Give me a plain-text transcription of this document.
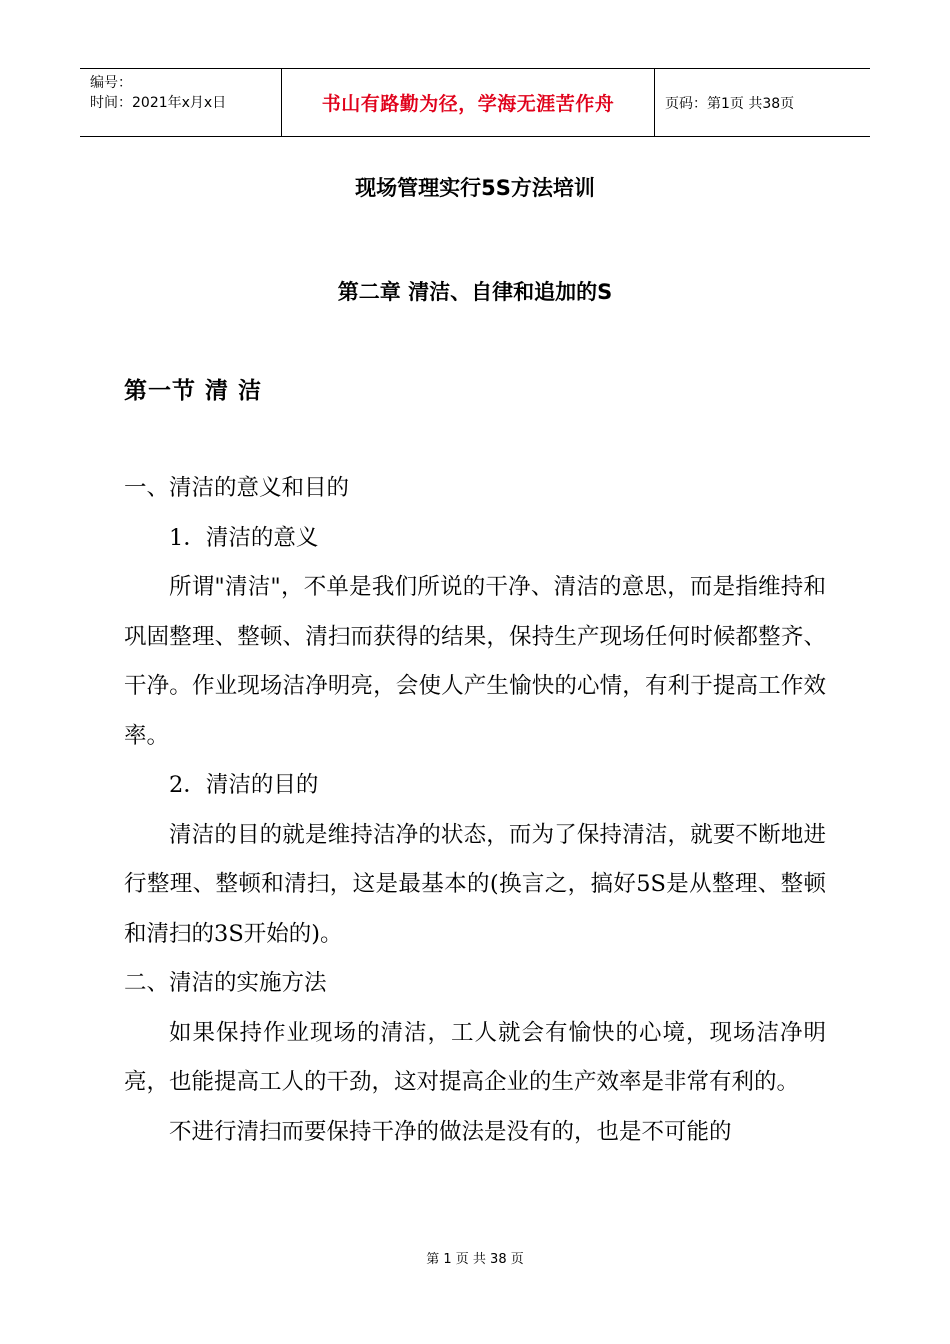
编号：
时间：2021年x月x日	书山有路勤为径，学海无涯苦作舟	页码：第1页 共38页
现场管理实行5S方法培训
第二章 清洁、自律和追加的S
第一节 清 洁

一、清洁的意义和目的

1．清洁的意义

所谓"清洁"，不单是我们所说的干净、清洁的意思，而是指维持和巩固整理、整顿、清扫而获得的结果，保持生产现场任何时候都整齐、干净。作业现场洁净明亮，会使人产生愉快的心情，有利于提高工作效率。

2．清洁的目的

清洁的目的就是维持洁净的状态，而为了保持清洁，就要不断地进行整理、整顿和清扫，这是最基本的(换言之，搞好5S是从整理、整顿和清扫的3S开始的)。

二、清洁的实施方法

如果保持作业现场的清洁，工人就会有愉快的心境，现场洁净明亮，也能提高工人的干劲，这对提高企业的生产效率是非常有利的。

不进行清扫而要保持干净的做法是没有的，也是不可能的

第 1 页 共 38 页
